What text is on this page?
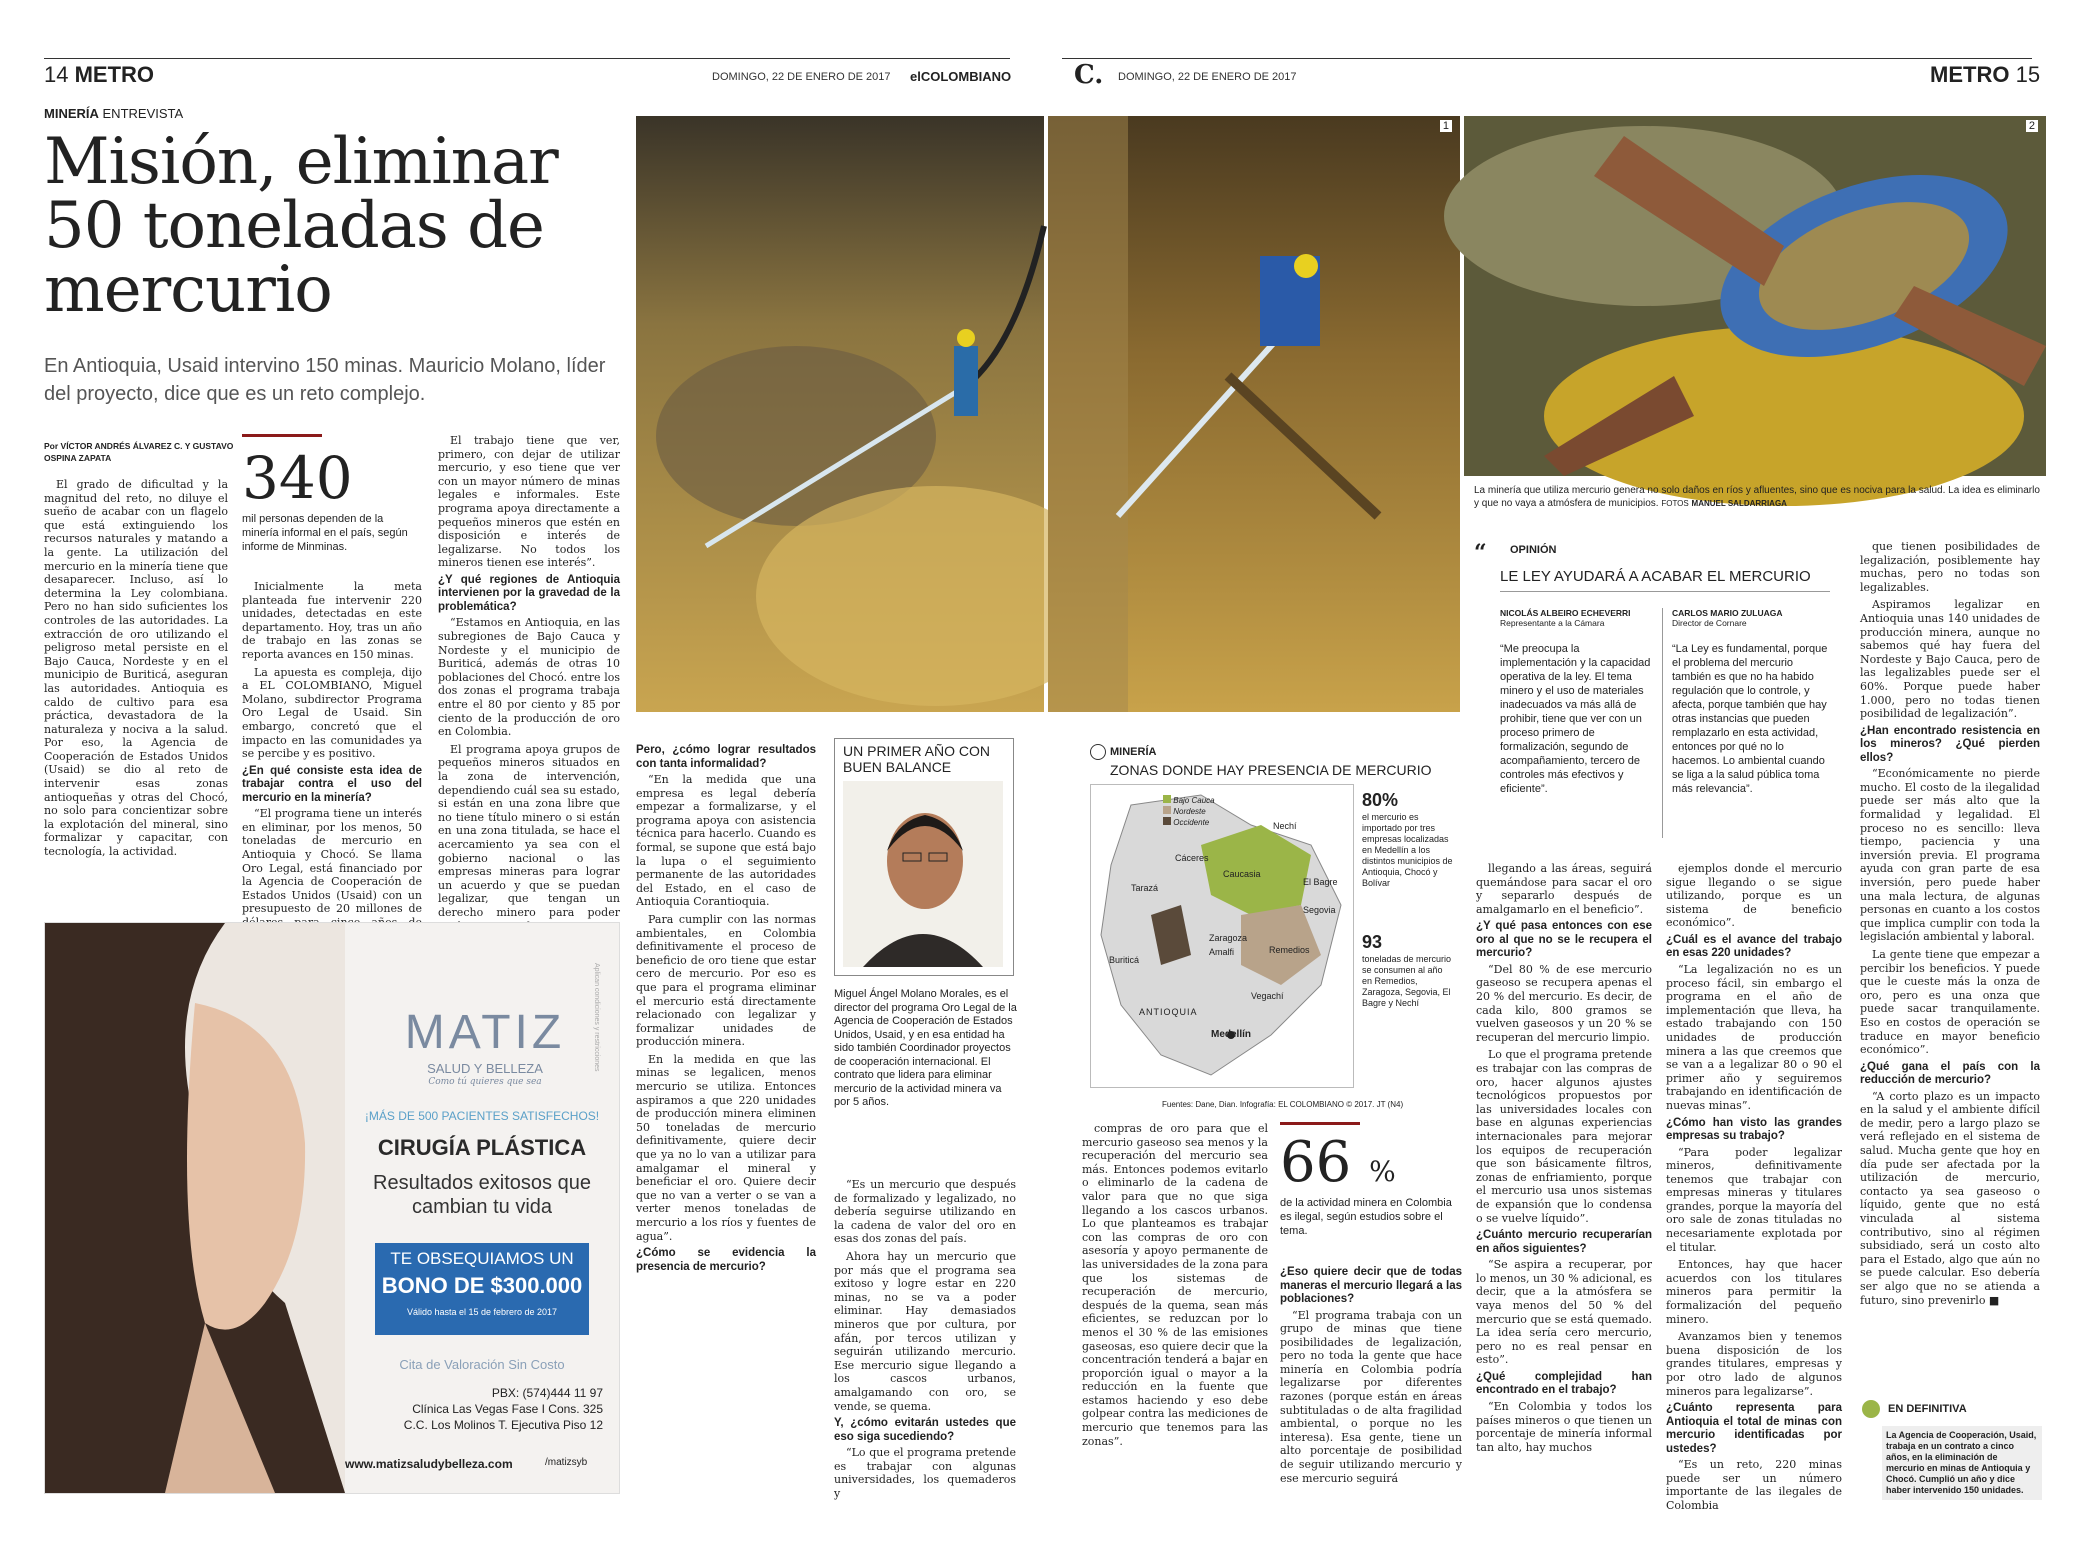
14 METRO	DOMINGO, 22 DE ENERO DE 2017 elCOLOMBIANO C. DOMINGO, 22 DE ENERO DE 2017	METRO 15
MINERÍA ENTREVISTA
Misión, eliminar 50 toneladas de mercurio
En Antioquia, Usaid intervino 150 minas. Mauricio Molano, líder del proyecto, dice que es un reto complejo.
Por VÍCTOR ANDRÉS ÁLVAREZ C. Y GUSTAVO OSPINA ZAPATA	340
mil personas dependen de la minería informal en el país, según informe de Minminas.

El grado de dificultad y la magnitud del reto, no diluye el sueño de acabar con un flagelo que está extinguiendo los recursos naturales y matando a la gente. La utilización del mercurio en la minería tiene que desaparecer. Incluso, así lo determina la Ley colombiana. Pero no han sido suficientes los controles de las autoridades. La extracción de oro utilizando el peligroso metal persiste en el Bajo Cauca, Nordeste y en el municipio de Buriticá, aseguran las autoridades. Antioquia es caldo de cultivo para esa práctica, devastadora de la naturaleza y nociva a la salud. Por eso, la Agencia de Cooperación de Estados Unidos (Usaid) se dio al reto de intervenir esas zonas antioqueñas y otras del Chocó, no solo para concientizar sobre la explotación del mineral, sino formalizar y capacitar, con tecnología, la actividad.

Inicialmente la meta planteada fue intervenir 220 unidades, detectadas en este departamento. Hoy, tras un año de trabajo en las zonas se reporta avances en 150 minas.

La apuesta es compleja, dijo a EL COLOMBIANO, Miguel Molano, subdirector Programa Oro Legal de Usaid. Sin embargo, concretó que el impacto en las comunidades ya se percibe y es positivo.

¿En qué consiste esta idea de trabajar contra el uso del mercurio en la minería?

“El programa tiene un interés en eliminar, por los menos, 50 toneladas de mercurio en Antioquia y Chocó. Se llama Oro Legal, está financiado por la Agencia de Cooperación de Estados Unidos (Usaid) con un presupuesto de 20 millones de

El trabajo tiene que ver, primero, con dejar de utilizar mercurio, y eso tiene que ver con un mayor número de minas legales e informales. Este programa apoya directamente a pequeños mineros que estén en disposición e interés de legalizarse. No todos los mineros tienen ese interés”.

¿Y qué regiones de Antioquia intervienen por la gravedad de la problemática?

“Estamos en Antioquia, en las subregiones de Bajo Cauca y Nordeste y el municipio de Buriticá, además de otras 10 poblaciones del Chocó. entre los dos zonas el programa trabaja entre el 80 por ciento y 85 por ciento de la producción de oro en Colombia.

El programa apoya grupos de pequeños mineros situados en la zona de intervención, dependiendo cuál sea su estado, si están en una zona libre que no tiene título minero o si están en una zona titulada, se hace el acercamiento ya sea con el gobierno nacional o las empresas mineras para lograr un acuerdo y que se puedan legalizar, que tengan un derecho minero para poder

1	2
La minería que utiliza mercurio genera no solo daños en ríos y afluentes, sino que es nociva para la salud. La idea es eliminarlo y que no vaya a atmósfera de municipios. FOTOS MANUEL SALDARRIAGA
Pero, ¿cómo lograr resultados con tanta informalidad?

“En la medida que una empresa es legal debería empezar a formalizarse, y el programa apoya con asistencia técnica para hacerlo. Cuando es formal, se supone que está bajo la lupa o el seguimiento permanente de las autoridades del Estado, en el caso de Antioquia Corantioquia.

Para cumplir con las normas ambientales, en Colombia definitivamente el proceso de beneficio de oro tiene que estar cero de mercurio. Por eso es que para el programa eliminar el mercurio está directamente relacionado con legalizar y formalizar unidades de producción minera.

En la medida en que las minas se legalicen, menos mercurio se utiliza. Entonces aspiramos a que 220 unidades de producción minera eliminen 50 toneladas de mercurio definitivamente, quiere decir que ya no lo van a utilizar para amalgamar el mineral y beneficiar el oro. Quiere decir que no van a verter o se van a verter menos toneladas de mercurio a los ríos y fuentes de agua”.

¿Cómo se evidencia la presencia de mercurio?
UN PRIMER AÑO CON BUEN BALANCE
Miguel Ángel Molano Morales, es el director del programa Oro Legal de la Agencia de Cooperación de Estados Unidos, Usaid, y en esa entidad ha sido también Coordinador proyectos de cooperación internacional. El contrato que lidera para eliminar mercurio de la actividad minera va por 5 años.

“Es un mercurio que después de formalizado y legalizado, no debería seguirse utilizando en la cadena de valor del oro en esas dos zonas del país.

Ahora hay un mercurio que por más que el programa sea exitoso y logre estar en 220 minas, no se va a poder eliminar. Hay demasiados mineros que por cultura, por afán, por tercos utilizan y seguirán utilizando mercurio. Ese mercurio sigue llegando a los cascos urbanos, amalgamando con oro, se vende, se quema.

Y, ¿cómo evitarán ustedes que eso siga sucediendo?

“Lo que el programa pretende es trabajar con algunas universidades, los quemaderos y

MINERÍA
ZONAS DONDE HAY PRESENCIA DE MERCURIO
Bajo Cauca
Nordeste
Occidente
Cáceres
Caucasia
Nechí
El Bagre
Segovia
Tarazá
Zaragoza
Amalfi	Remedios
Buriticá
Vegachí
Medellín
ANTIOQUIA
80%
el mercurio es importado por tres empresas localizadas en Medellín a los distintos municipios de Antioquia, Chocó y Bolívar
93
toneladas de mercurio se consumen al año en Remedios, Zaragoza, Segovia, El Bagre y Nechí
Fuentes: Dane, Dian. Infografía: EL COLOMBIANO © 2017. JT (N4)

compras de oro para que el mercurio gaseoso sea menos y la recuperación del mercurio sea más. Entonces podemos evitarlo o eliminarlo de la cadena de valor para que no que siga llegando a los cascos urbanos. Lo que planteamos es trabajar con las compras de oro con asesoría y apoyo permanente de las universidades de la zona para que los sistemas de recuperación de mercurio, después de la quema, sean más eficientes, se reduzcan por lo menos el 30 % de las emisiones gaseosas, eso quiere decir que la concentración tenderá a bajar en proporción igual o mayor a la reducción en la fuente que estamos haciendo y eso debe golpear contra las mediciones de mercurio que tenemos para las zonas”.

66 %
de la actividad minera en Colombia es ilegal, según estudios sobre el tema.
¿Eso quiere decir que de todas maneras el mercurio llegará a las poblaciones?

“El programa trabaja con un grupo de minas que tiene posibilidades de legalización, pero no toda la gente que hace minería en Colombia podría legalizarse por diferentes razones (porque están en áreas subtituladas o de alta fragilidad ambiental, o porque no les interesa). Esa gente, tiene un alto porcentaje de posibilidad de seguir utilizando mercurio y ese mercurio seguirá

“ OPINIÓN
LE LEY AYUDARÁ A ACABAR EL MERCURIO
NICOLÁS ALBEIRO ECHEVERRI
Representante a la Cámara
“Me preocupa la implementación y la capacidad operativa de la ley. El tema minero y el uso de materiales inadecuados va más allá de prohibir, tiene que ver con un proceso primero de formalización, segundo de acompañamiento, tercero de controles más efectivos y eficiente”.
CARLOS MARIO ZULUAGA
Director de Cornare
“La Ley es fundamental, porque el problema del mercurio también es que no ha habido regulación que lo controle, y afecta, porque también que hay otras instancias que pueden remplazarlo en esta actividad, entonces por qué no lo hacemos. Lo ambiental cuando se liga a la salud pública toma más relevancia”.

llegando a las áreas, seguirá quemándose para sacar el oro y separarlo después de amalgamarlo en el beneficio”.

¿Y qué pasa entonces con ese oro al que no se le recupera el mercurio?

“Del 80 % de ese mercurio gaseoso se recupera apenas el 20 % del mercurio. Es decir, de cada kilo, 800 gramos se vuelven gaseosos y un 20 % se recuperan del mercurio limpio.

Lo que el programa pretende es trabajar con las compras de oro, hacer algunos ajustes tecnológicos propuestos por las universidades locales con base en algunas experiencias internacionales para mejorar los equipos de recuperación que son básicamente filtros, zonas de enfriamiento, porque el mercurio usa unos sistemas de expansión que lo condensa o se vuelve líquido”.

¿Cuánto mercurio recuperarían en años siguientes?

“Se aspira a recuperar, por lo menos, un 30 % adicional, es decir, que a la atmósfera se vaya menos del 50 % del mercurio que se está quemado. La idea sería cero mercurio, pero no es real pensar en esto”.

¿Qué complejidad han encontrado en el trabajo?

“En Colombia y todos los países mineros o que tienen un porcentaje de minería informal tan alto, hay muchos

ejemplos donde el mercurio sigue llegando o se sigue utilizando, porque es un sistema de beneficio económico”.

¿Cuál es el avance del trabajo en esas 220 unidades?

“La legalización no es un proceso fácil, sin embargo el programa en el año de implementación que lleva, ha estado trabajando con 150 unidades de producción minera a las que creemos que se van a a legalizar 80 o 90 el primer año y seguiremos trabajando en identificación de nuevas minas”.

¿Cómo han visto las grandes empresas su trabajo?

“Para poder legalizar mineros, definitivamente tenemos que trabajar con empresas mineras y titulares grandes, porque la mayoría del oro sale de zonas tituladas no necesariamente explotada por el titular.

Entonces, hay que hacer acuerdos con los titulares mineros para permitir la formalización del pequeño minero.

Avanzamos bien y tenemos buena disposición de los grandes titulares, empresas y por otro lado de algunos mineros para legalizarse”.

¿Cuánto representa para Antioquia el total de minas con mercurio identificadas por ustedes?

“Es un reto, 220 minas puede ser un número importante de las ilegales de Colombia

que tienen posibilidades de legalización, posiblemente hay muchas, pero no todas son legalizables.

Aspiramos legalizar en Antioquia unas 140 unidades de producción minera, aunque no sabemos qué hay fuera del Nordeste y Bajo Cauca, pero de las legalizables puede ser el 60%. Porque puede haber 1.000, pero no todas tienen posibilidad de legalización”.

¿Han encontrado resistencia en los mineros? ¿Qué pierden ellos?

“Económicamente no pierde mucho. El costo de la ilegalidad puede ser más alto que la formalidad y legalidad. El proceso no es sencillo: lleva tiempo, paciencia y una inversión previa. El programa ayuda con gran parte de esa inversión, pero puede haber una mala lectura, de algunas personas en cuanto a los costos que implica cumplir con toda la legislación ambiental y laboral.

La gente tiene que empezar a percibir los beneficios. Y puede que le cueste más la onza de oro, pero es una onza que puede sacar tranquilamente. Eso en costos de operación se traduce en mayor beneficio económico”.

¿Qué gana el país con la reducción de mercurio?

“A corto plazo es un impacto en la salud y el ambiente difícil de medir, pero a largo plazo se verá reflejado en el sistema de salud. Mucha gente que hoy en día pude ser afectada por la utilización de mercurio, contacto ya sea gaseoso o líquido, gente que no está vinculada al sistema contributivo, sino al régimen subsidiado, será un costo alto para el Estado, algo que aún no se puede calcular. Eso debería ser algo que no se atienda a futuro, sino prevenirlo ■

EN DEFINITIVA
La Agencia de Cooperación, Usaid, trabaja en un contrato a cinco años, en la eliminación de mercurio en minas de Antioquia y Chocó. Cumplió un año y dice haber intervenido 150 unidades.
MATIZ
SALUD Y BELLEZA
Como tú quieres que sea
¡MÁS DE 500 PACIENTES SATISFECHOS!
CIRUGÍA PLÁSTICA
Resultados exitosos que cambian tu vida
TE OBSEQUIAMOS UN
BONO DE $300.000
Válido hasta el 15 de febrero de 2017
Cita de Valoración Sin Costo
PBX: (574)444 11 97
Clínica Las Vegas Fase I Cons. 325
C.C. Los Molinos T. Ejecutiva Piso 12
www.matizsaludybelleza.com	/matizsyb
Aplican condiciones y restricciones
